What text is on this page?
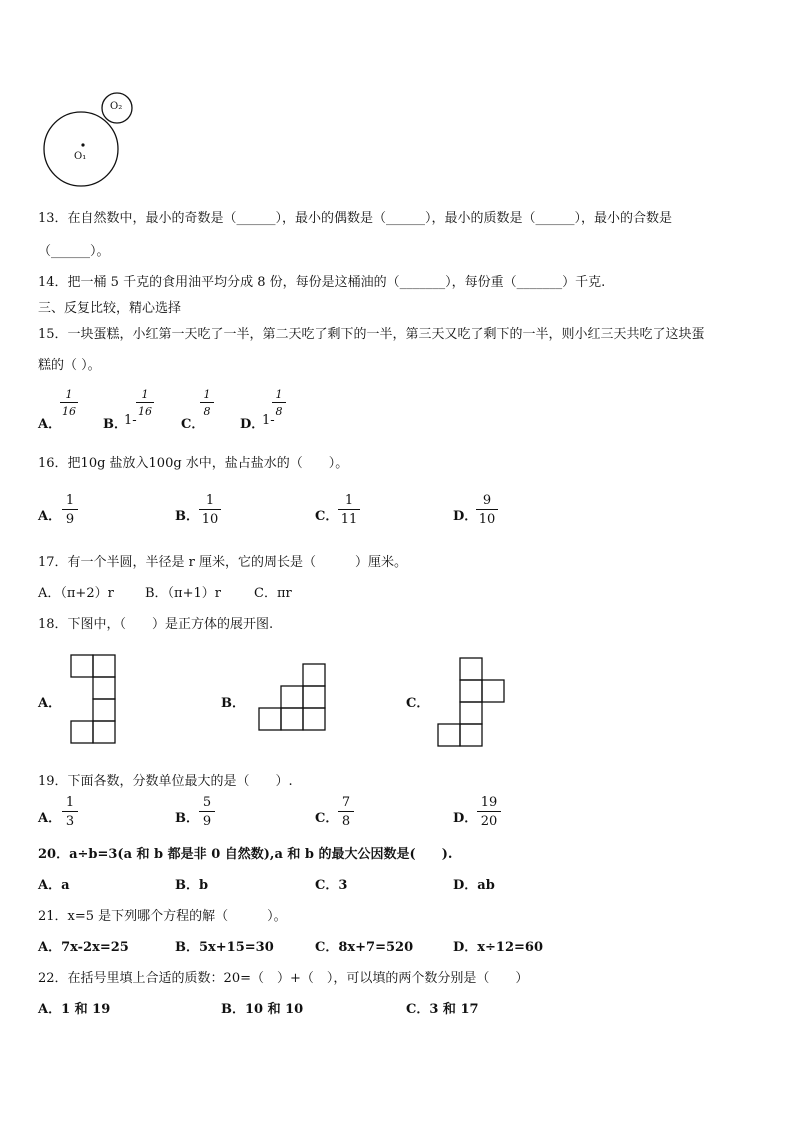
O₁
O₂
13．在自然数中，最小的奇数是（______），最小的偶数是（______），最小的质数是（______），最小的合数是
（______）。
14．把一桶 5 千克的食用油平均分成 8 份，每份是这桶油的（_______），每份重（_______）千克.
三、反复比较，精心选择
15．一块蛋糕，小红第一天吃了一半，第二天吃了剩下的一半，第三天又吃了剩下的一半，则小红三天共吃了这块蛋
糕的（ ）。
A．
1
16
B．
1-
1
16
C．
1
8
D．
1-
1
8
16．把10g 盐放入100g 水中，盐占盐水的（　　）。
A．
1
9	B．
1
10	C．
1
11	D．
9
10
17．有一个半圆，半径是 r 厘米，它的周长是（　　　）厘米。
A．（π+2）r B．（π+1）r	C．πr
18．下图中，（　　）是正方体的展开图.
A．	B．	C．
19．下面各数，分数单位最大的是（　　）.
A．
1
3	B．
5
9	C．
7
8	D．
19
20
20．a÷b=3(a 和 b 都是非 0 自然数),a 和 b 的最大公因数是(　　).
A．a	B．b	C．3	D．ab
21．x=5 是下列哪个方程的解（　　　）。
A．7x-2x=25	B．5x+15=30	C．8x+7=520	D．x÷12=60
22．在括号里填上合适的质数：20=（　）+（　），可以填的两个数分别是（　　）
A．1 和 19	B．10 和 10	C．3 和 17
